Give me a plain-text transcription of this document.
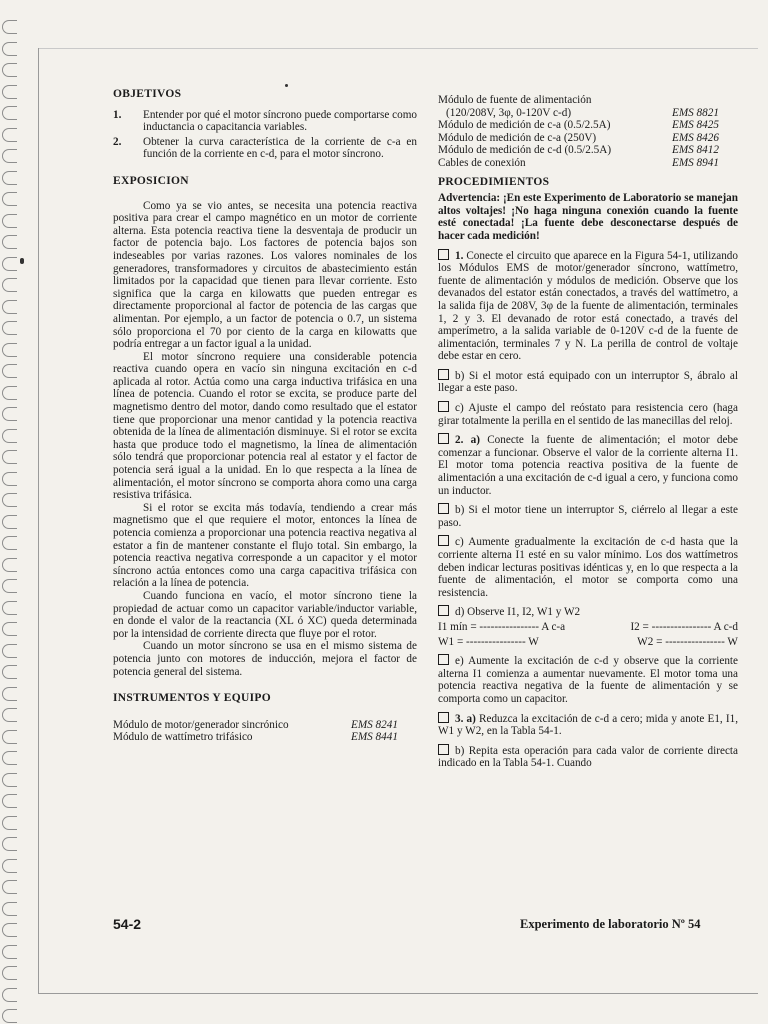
OBJETIVOS
1.	Entender por qué el motor síncrono puede comportarse como inductancia o capacitancia variables.
2.	Obtener la curva característica de la corriente de c-a en función de la corriente en c-d, para el motor síncrono.
EXPOSICION

Como ya se vio antes, se necesita una potencia reactiva positiva para crear el campo magnético en un motor de corriente alterna. Esta potencia reactiva tiene la desventaja de producir un factor de potencia bajo. Los factores de potencia bajos son indeseables por varias razones. Los valores nominales de los generadores, transformadores y circuitos de abastecimiento están limitados por la capacidad que tienen para llevar corriente. Esto significa que la carga en kilowatts que pueden entregar es directamente proporcional al factor de potencia de las cargas que alimentan. Por ejemplo, a un factor de potencia o 0.7, un sistema sólo proporciona el 70 por ciento de la carga en kilowatts que podría entregar a un factor igual a la unidad.

El motor síncrono requiere una considerable potencia reactiva cuando opera en vacío sin ninguna excitación en c-d aplicada al rotor. Actúa como una carga inductiva trifásica en una línea de potencia. Cuando el rotor se excita, se produce parte del magnetismo dentro del motor, dando como resultado que el estator tiene que proporcionar una menor cantidad y la potencia reactiva obtenida de la línea de alimentación disminuye. Si el rotor se excita hasta que produce todo el magnetismo, la línea de alimentación sólo tendrá que proporcionar potencia real al estator y el factor de potencia será igual a la unidad. En lo que respecta a la línea de alimentación, el motor síncrono se comporta ahora como una carga resistiva trifásica.

Si el rotor se excita más todavía, tendiendo a crear más magnetismo que el que requiere el motor, entonces la línea de potencia comienza a proporcionar una potencia reactiva negativa al estator a fin de mantener constante el flujo total. Sin embargo, la potencia reactiva negativa corresponde a un capacitor y el motor síncrono actúa entonces como una carga capacitiva trifásica con relación a la línea de potencia.

Cuando funciona en vacío, el motor síncrono tiene la propiedad de actuar como un capacitor variable/inductor variable, en donde el valor de la reactancia (XL ó XC) queda determinada por la intensidad de corriente directa que fluye por el rotor.

Cuando un motor síncrono se usa en el mismo sistema de potencia junto con motores de inducción, mejora el factor de potencia general del sistema.

INSTRUMENTOS Y EQUIPO
Módulo de motor/generador sincrónico	EMS 8241
Módulo de wattímetro trifásico	EMS 8441
Módulo de fuente de alimentación
(120/208V, 3φ, 0-120V c-d)	EMS 8821
Módulo de medición de c-a (0.5/2.5A)	EMS 8425
Módulo de medición de c-a (250V)	EMS 8426
Módulo de medición de c-d (0.5/2.5A)	EMS 8412
Cables de conexión	EMS 8941
PROCEDIMIENTOS
Advertencia: ¡En este Experimento de Laboratorio se manejan altos voltajes! ¡No haga ninguna conexión cuando la fuente esté conectada! ¡La fuente debe desconectarse después de hacer cada medición!
1. Conecte el circuito que aparece en la Figura 54-1, utilizando los Módulos EMS de motor/generador síncrono, wattímetro, fuente de alimentación y módulos de medición. Observe que los devanados del estator están conectados, a través del wattímetro, a la salida fija de 208V, 3φ de la fuente de alimentación, terminales 1, 2 y 3. El devanado de rotor está conectado, a través del amperímetro, a la salida variable de 0-120V c-d de la fuente de alimentación, terminales 7 y N. La perilla de control de voltaje debe estar en cero.
b) Si el motor está equipado con un interruptor S, ábralo al llegar a este paso.
c) Ajuste el campo del reóstato para resistencia cero (haga girar totalmente la perilla en el sentido de las manecillas del reloj.
2. a) Conecte la fuente de alimentación; el motor debe comenzar a funcionar. Observe el valor de la corriente alterna I1. El motor toma potencia reactiva positiva de la fuente de alimentación a una excitación de c-d igual a cero, y funciona como un inductor.
b) Si el motor tiene un interruptor S, ciérrelo al llegar a este paso.
c) Aumente gradualmente la excitación de c-d hasta que la corriente alterna I1 esté en su valor mínimo. Los dos wattímetros deben indicar lecturas positivas idénticas y, en lo que respecta a la fuente de alimentación, el motor se comporta como una resistencia.
d) Observe I1, I2, W1 y W2
I1 mín = ---------------- A c-a	I2 = ---------------- A c-d
W1 = ---------------- W	W2 = ---------------- W
e) Aumente la excitación de c-d y observe que la corriente alterna I1 comienza a aumentar nuevamente. El motor toma una potencia reactiva negativa de la fuente de alimentación y se comporta como un capacitor.
3. a) Reduzca la excitación de c-d a cero; mida y anote E1, I1, W1 y W2, en la Tabla 54-1.
b) Repita esta operación para cada valor de corriente directa indicado en la Tabla 54-1. Cuando
54-2	Experimento de laboratorio Nº 54
